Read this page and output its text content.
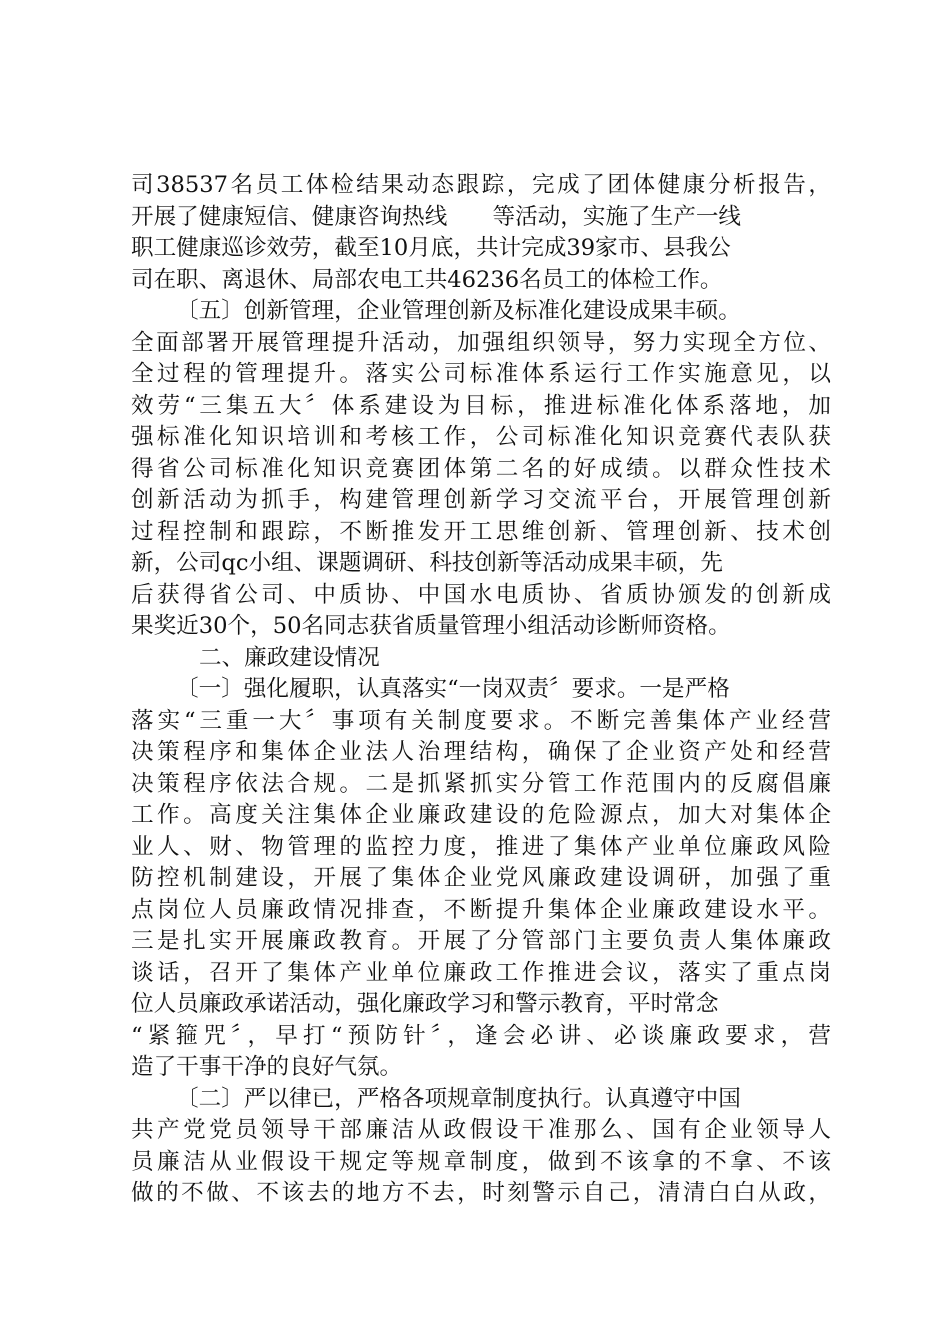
司38537名员工体检结果动态跟踪，完成了团体健康分析报告，
开展了健康短信、健康咨询热线　　等活动，实施了生产一线
职工健康巡诊效劳，截至10月底，共计完成39家市、县我公
司在职、离退休、局部农电工共46236名员工的体检工作。
〔五〕创新管理，企业管理创新及标准化建设成果丰硕。
全面部署开展管理提升活动，加强组织领导，努力实现全方位、
全过程的管理提升。落实公司标准体系运行工作实施意见，以
效劳“三集五大〞体系建设为目标，推进标准化体系落地，加
强标准化知识培训和考核工作，公司标准化知识竞赛代表队获
得省公司标准化知识竞赛团体第二名的好成绩。以群众性技术
创新活动为抓手，构建管理创新学习交流平台，开展管理创新
过程控制和跟踪，不断推发开工思维创新、管理创新、技术创
新，公司qc小组、课题调研、科技创新等活动成果丰硕，先
后获得省公司、中质协、中国水电质协、省质协颁发的创新成
果奖近30个，50名同志获省质量管理小组活动诊断师资格。
二、廉政建设情况
〔一〕强化履职，认真落实“一岗双责〞要求。一是严格
落实“三重一大〞事项有关制度要求。不断完善集体产业经营
决策程序和集体企业法人治理结构，确保了企业资产处和经营
决策程序依法合规。二是抓紧抓实分管工作范围内的反腐倡廉
工作。高度关注集体企业廉政建设的危险源点，加大对集体企
业人、财、物管理的监控力度，推进了集体产业单位廉政风险
防控机制建设，开展了集体企业党风廉政建设调研，加强了重
点岗位人员廉政情况排查，不断提升集体企业廉政建设水平。
三是扎实开展廉政教育。开展了分管部门主要负责人集体廉政
谈话，召开了集体产业单位廉政工作推进会议，落实了重点岗
位人员廉政承诺活动，强化廉政学习和警示教育，平时常念
“紧箍咒〞，早打“预防针〞，逢会必讲、必谈廉政要求，营
造了干事干净的良好气氛。
〔二〕严以律已，严格各项规章制度执行。认真遵守中国
共产党党员领导干部廉洁从政假设干准那么、国有企业领导人
员廉洁从业假设干规定等规章制度，做到不该拿的不拿、不该
做的不做、不该去的地方不去，时刻警示自己，清清白白从政，
